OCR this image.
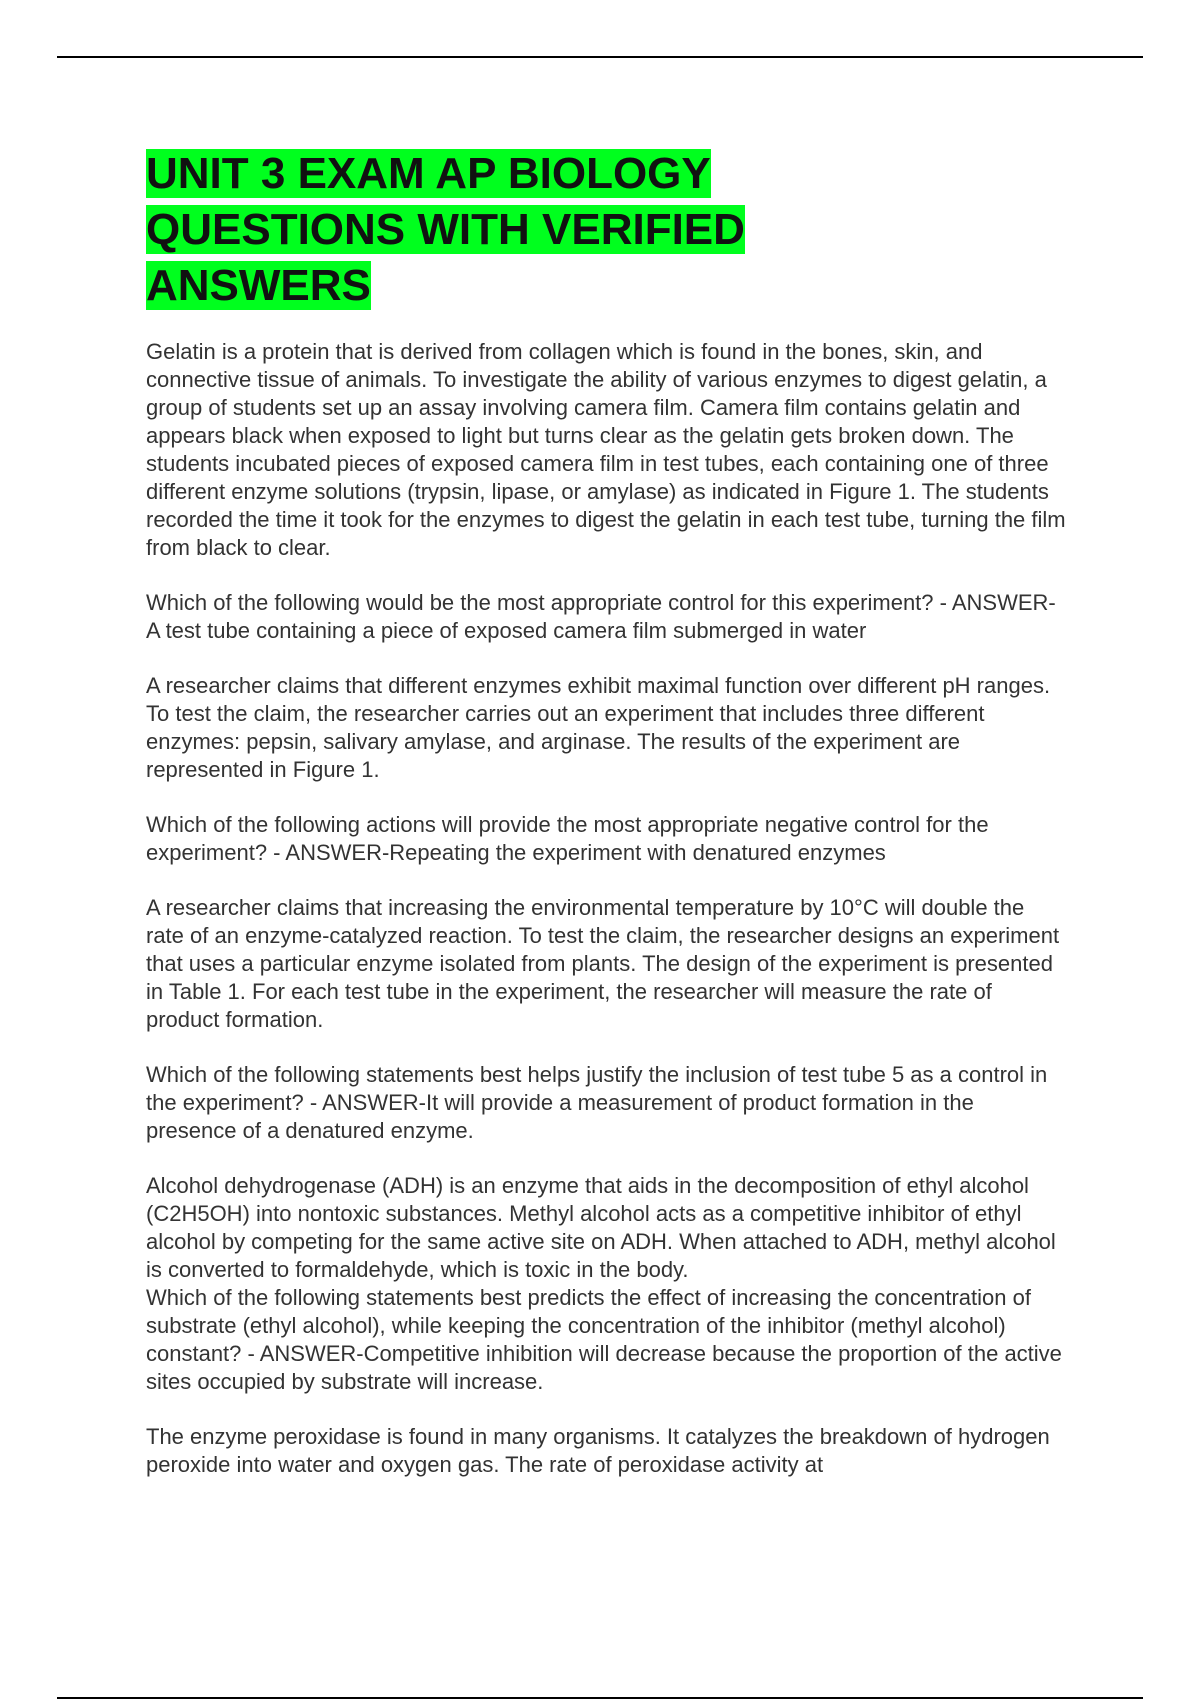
UNIT 3 EXAM AP BIOLOGY QUESTIONS WITH VERIFIED ANSWERS

Gelatin is a protein that is derived from collagen which is found in the bones, skin, and connective tissue of animals. To investigate the ability of various enzymes to digest gelatin, a group of students set up an assay involving camera film. Camera film contains gelatin and appears black when exposed to light but turns clear as the gelatin gets broken down. The students incubated pieces of exposed camera film in test tubes, each containing one of three different enzyme solutions (trypsin, lipase, or amylase) as indicated in Figure 1. The students recorded the time it took for the enzymes to digest the gelatin in each test tube, turning the film from black to clear.

Which of the following would be the most appropriate control for this experiment? - ANSWER-A test tube containing a piece of exposed camera film submerged in water

A researcher claims that different enzymes exhibit maximal function over different pH ranges. To test the claim, the researcher carries out an experiment that includes three different enzymes: pepsin, salivary amylase, and arginase. The results of the experiment are represented in Figure 1.

Which of the following actions will provide the most appropriate negative control for the experiment? - ANSWER-Repeating the experiment with denatured enzymes

A researcher claims that increasing the environmental temperature by 10°C will double the rate of an enzyme-catalyzed reaction. To test the claim, the researcher designs an experiment that uses a particular enzyme isolated from plants. The design of the experiment is presented in Table 1. For each test tube in the experiment, the researcher will measure the rate of product formation.

Which of the following statements best helps justify the inclusion of test tube 5 as a control in the experiment? - ANSWER-It will provide a measurement of product formation in the presence of a denatured enzyme.

Alcohol dehydrogenase (ADH) is an enzyme that aids in the decomposition of ethyl alcohol (C2H5OH) into nontoxic substances. Methyl alcohol acts as a competitive inhibitor of ethyl alcohol by competing for the same active site on ADH. When attached to ADH, methyl alcohol is converted to formaldehyde, which is toxic in the body.

Which of the following statements best predicts the effect of increasing the concentration of substrate (ethyl alcohol), while keeping the concentration of the inhibitor (methyl alcohol) constant? - ANSWER-Competitive inhibition will decrease because the proportion of the active sites occupied by substrate will increase.

The enzyme peroxidase is found in many organisms. It catalyzes the breakdown of hydrogen peroxide into water and oxygen gas. The rate of peroxidase activity at
